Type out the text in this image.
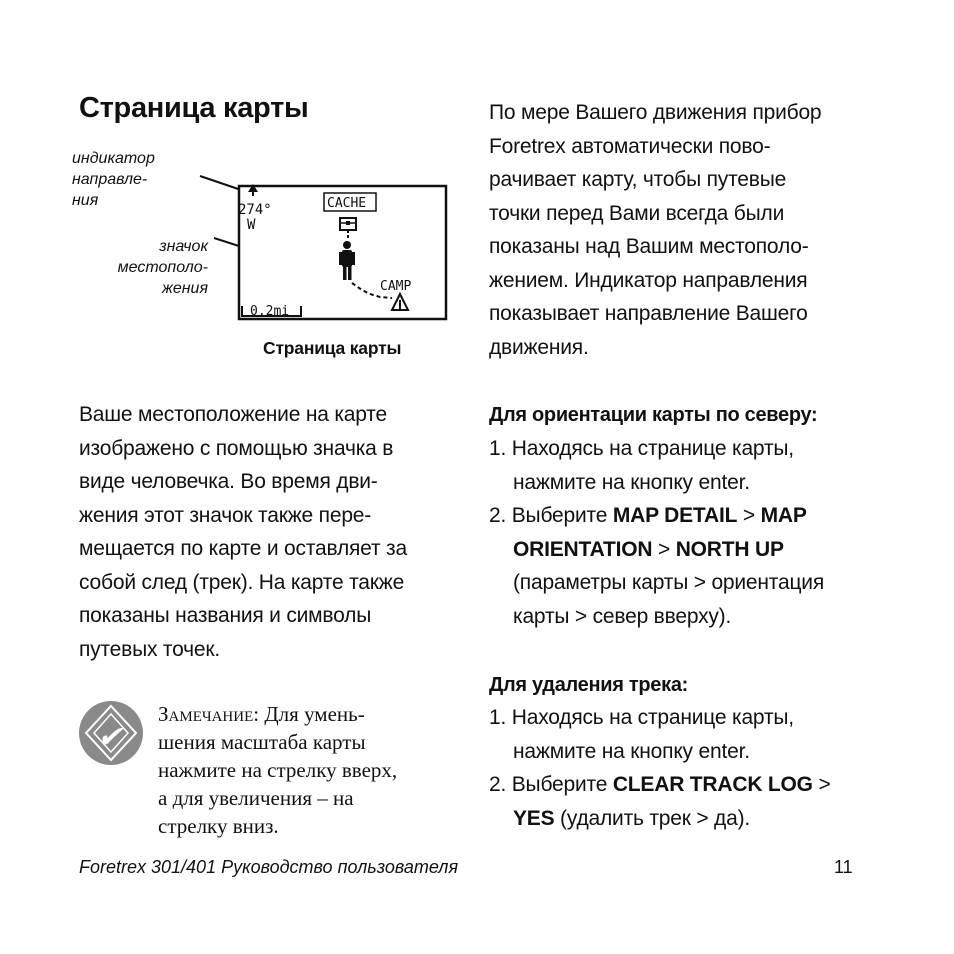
Страница карты
индикатор
направле-
ния
значок
местополо-
жения
274°
W
CACHE
CAMP
0.2mi
Страница карты
Ваше местоположение на карте
изображено с помощью значка в
виде человечка. Во время дви-
жения этот значок также пере-
мещается по карте и оставляет за
собой след (трек). На карте также
показаны названия и символы
путевых точек.
✔
Замечание: Для умень-
шения масштаба карты
нажмите на стрелку вверх,
а для увеличения – на
стрелку вниз.
По мере Вашего движения прибор
Foretrex автоматически пово-
рачивает карту, чтобы путевые
точки перед Вами всегда были
показаны над Вашим местополо-
жением. Индикатор направления
показывает направление Вашего
движения.
Для ориентации карты по северу:
1. Находясь на странице карты,
нажмите на кнопку enter.
2. Выберите MAP DETAIL > MAP
ORIENTATION > NORTH UP
(параметры карты > ориентация
карты > север вверху).
Для удаления трека:
1. Находясь на странице карты,
нажмите на кнопку enter.
2. Выберите CLEAR TRACK LOG >
YES (удалить трек > да).
Foretrex 301/401 Руководство пользователя	11
